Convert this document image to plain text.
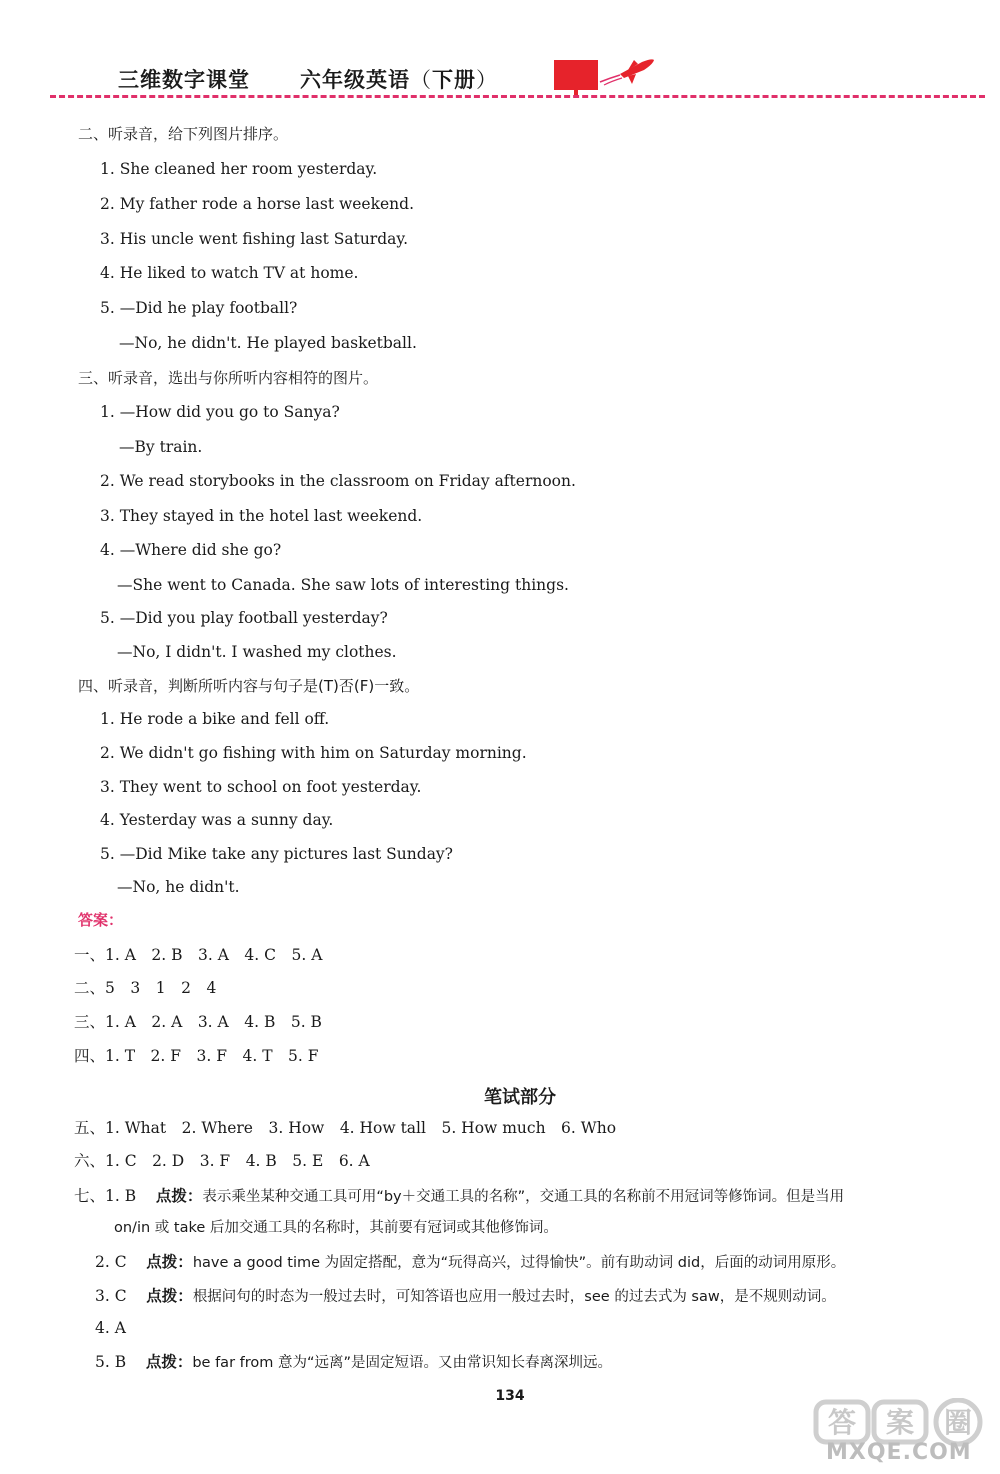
三维数字课堂 六年级英语（下册）
二、听录音，给下列图片排序。
1. She cleaned her room yesterday.
2. My father rode a horse last weekend.
3. His uncle went fishing last Saturday.
4. He liked to watch TV at home.
5. —Did he play football?
—No, he didn't. He played basketball.
三、听录音，选出与你所听内容相符的图片。
1. —How did you go to Sanya?
—By train.
2. We read storybooks in the classroom on Friday afternoon.
3. They stayed in the hotel last weekend.
4. —Where did she go?
—She went to Canada. She saw lots of interesting things.
5. —Did you play football yesterday?
—No, I didn't. I washed my clothes.
四、听录音，判断所听内容与句子是(T)否(F)一致。
1. He rode a bike and fell off.
2. We didn't go fishing with him on Saturday morning.
3. They went to school on foot yesterday.
4. Yesterday was a sunny day.
5. —Did Mike take any pictures last Sunday?
—No, he didn't.
答案：
一、1. A　2. B　3. A　4. C　5. A
二、5　3　1　2　4
三、1. A　2. A　3. A　4. B　5. B
四、1. T　2. F　3. F　4. T　5. F
笔试部分
五、1. What　2. Where　3. How　4. How tall　5. How much　6. Who
六、1. C　2. D　3. F　4. B　5. E　6. A
七、1. B 点拨：表示乘坐某种交通工具可用“by＋交通工具的名称”，交通工具的名称前不用冠词等修饰词。但是当用
on/in 或 take 后加交通工具的名称时，其前要有冠词或其他修饰词。
2. C 点拨：have a good time 为固定搭配，意为“玩得高兴，过得愉快”。前有助动词 did，后面的动词用原形。
3. C 点拨：根据问句的时态为一般过去时，可知答语也应用一般过去时，see 的过去式为 saw，是不规则动词。
4. A
5. B 点拨：be far from 意为“远离”是固定短语。又由常识知长春离深圳远。
134
答 案 圈
MXQE.COM
